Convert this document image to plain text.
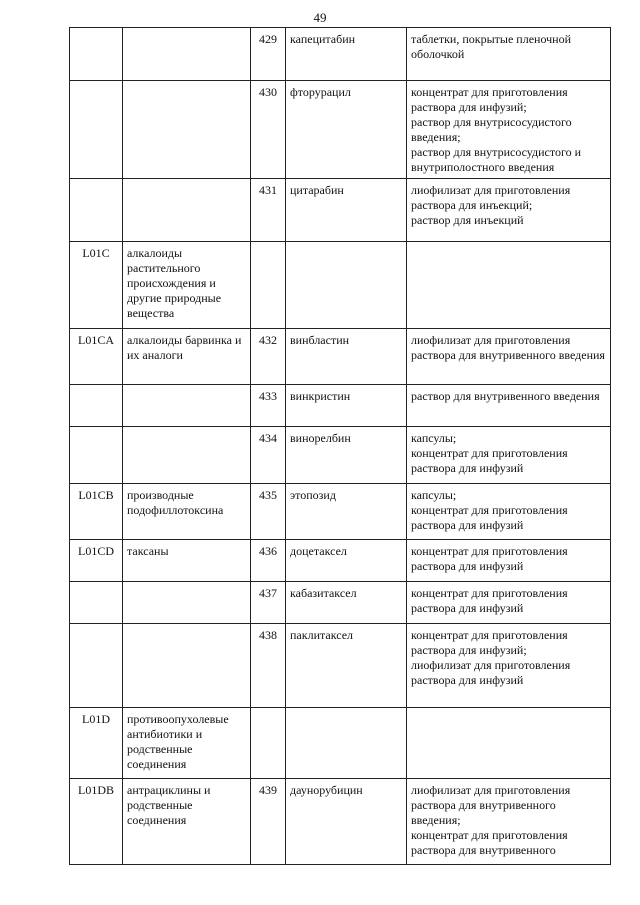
49
		429	капецитабин	таблетки, покрытые пленочной оболочкой
		430	фторурацил	концентрат для приготовления раствора для инфузий;
раствор для внутрисосудистого введения;
раствор для внутрисосудистого и внутриполостного введения
		431	цитарабин	лиофилизат для приготовления раствора для инъекций;
раствор для инъекций
L01C	алкалоиды растительного происхождения и другие природные вещества			
L01CA	алкалоиды барвинка и их аналоги	432	винбластин	лиофилизат для приготовления раствора для внутривенного введения
		433	винкристин	раствор для внутривенного введения
		434	винорелбин	капсулы;
концентрат для приготовления раствора для инфузий
L01CB	производные подофиллотоксина	435	этопозид	капсулы;
концентрат для приготовления раствора для инфузий
L01CD	таксаны	436	доцетаксел	концентрат для приготовления раствора для инфузий
		437	кабазитаксел	концентрат для приготовления раствора для инфузий
		438	паклитаксел	концентрат для приготовления раствора для инфузий;
лиофилизат для приготовления раствора для инфузий
L01D	противоопухолевые антибиотики и родственные соединения			
L01DB	антрациклины и родственные соединения	439	даунорубицин	лиофилизат для приготовления раствора для внутривенного введения;
концентрат для приготовления раствора для внутривенного
